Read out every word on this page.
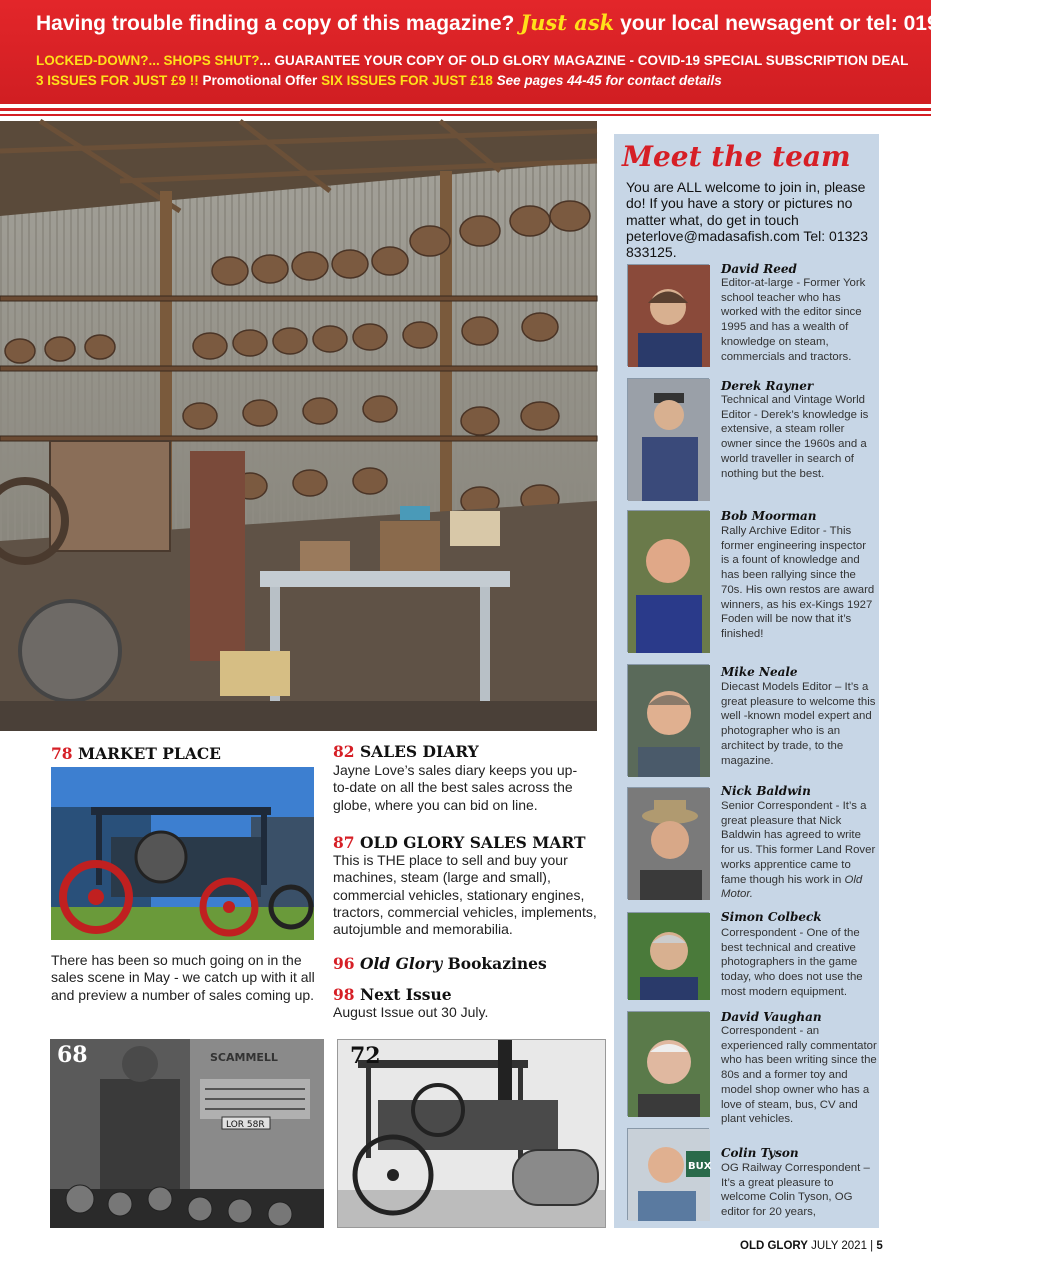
Having trouble finding a copy of this magazine? Just ask your local newsagent or tel: 01959 541444
LOCKED-DOWN?... SHOPS SHUT?... GUARANTEE YOUR COPY OF OLD GLORY MAGAZINE - COVID-19 SPECIAL SUBSCRIPTION DEAL
3 ISSUES FOR JUST £9 !! Promotional Offer SIX ISSUES FOR JUST £18 See pages 44-45 for contact details
78 MARKET PLACE
There has been so much going on in the sales scene in May - we catch up with it all and preview a number of sales coming up.
82 SALES DIARY
Jayne Love’s sales diary keeps you up-to-date on all the best sales across the globe, where you can bid on line.
87 OLD GLORY SALES MART
This is THE place to sell and buy your machines, steam (large and small), commercial vehicles, stationary engines, tractors, commercial vehicles, implements, autojumble and memorabilia.
96 Old Glory Bookazines
98 Next Issue
August Issue out 30 July.
SCAMMELL
LOR 58R
68	72
Meet the team
You are ALL welcome to join in, please do! If you have a story or pictures no matter what, do get in touch peterlove@madasafish.com Tel: 01323 833125.
David Reed
Editor-at-large - Former York school teacher who has worked with the editor since 1995 and has a wealth of knowledge on steam, commercials and tractors.
Derek Rayner
Technical and Vintage World Editor - Derek’s knowledge is extensive, a steam roller owner since the 1960s and a world traveller in search of nothing but the best.
Bob Moorman
Rally Archive Editor - This former engineering inspector is a fount of knowledge and has been rallying since the 70s. His own restos are award winners, as his ex-Kings 1927 Foden will be now that it’s finished!
Mike Neale
Diecast Models Editor – It’s a great pleasure to welcome this well -known model expert and photographer who is an architect by trade, to the magazine.
Nick Baldwin
Senior Correspondent - It’s a great pleasure that Nick Baldwin has agreed to write for us. This former Land Rover works apprentice came to fame though his work in Old Motor.
Simon Colbeck
Correspondent - One of the best technical and creative photographers in the game today, who does not use the most modern equipment.
David Vaughan
Correspondent - an experienced rally commentator who has been writing since the 80s and a former toy and model shop owner who has a love of steam, bus, CV and plant vehicles.
BUX
Colin Tyson
OG Railway Correspondent – It’s a great pleasure to welcome Colin Tyson, OG editor for 20 years,
OLD GLORY JULY 2021 | 5
